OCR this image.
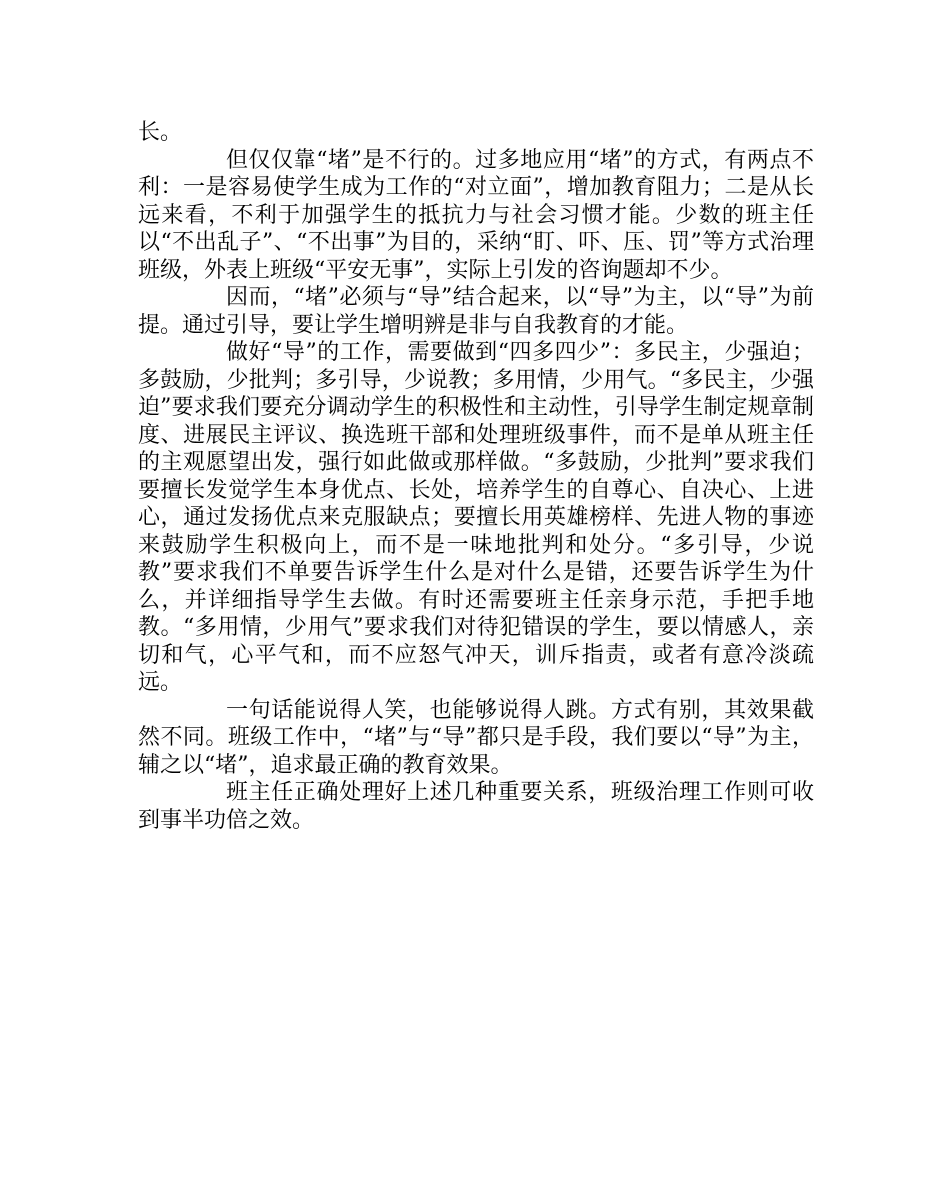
长。

但仅仅靠“堵”是不行的。过多地应用“堵”的方式，有两点不利：一是容易使学生成为工作的“对立面”，增加教育阻力；二是从长远来看，不利于加强学生的抵抗力与社会习惯才能。少数的班主任以“不出乱子”、“不出事”为目的，采纳“盯、吓、压、罚”等方式治理班级，外表上班级“平安无事”，实际上引发的咨询题却不少。

因而，“堵”必须与“导”结合起来，以“导”为主，以“导”为前提。通过引导，要让学生增明辨是非与自我教育的才能。

做好“导”的工作，需要做到“四多四少”：多民主，少强迫；多鼓励，少批判；多引导，少说教；多用情，少用气。“多民主，少强迫”要求我们要充分调动学生的积极性和主动性，引导学生制定规章制度、进展民主评议、换选班干部和处理班级事件，而不是单从班主任的主观愿望出发，强行如此做或那样做。“多鼓励，少批判”要求我们要擅长发觉学生本身优点、长处，培养学生的自尊心、自决心、上进心，通过发扬优点来克服缺点；要擅长用英雄榜样、先进人物的事迹来鼓励学生积极向上，而不是一味地批判和处分。“多引导，少说教”要求我们不单要告诉学生什么是对什么是错，还要告诉学生为什么，并详细指导学生去做。有时还需要班主任亲身示范，手把手地教。“多用情，少用气”要求我们对待犯错误的学生，要以情感人，亲切和气，心平气和，而不应怒气冲天，训斥指责，或者有意冷淡疏远。

一句话能说得人笑，也能够说得人跳。方式有别，其效果截然不同。班级工作中，“堵”与“导”都只是手段，我们要以“导”为主，辅之以“堵”，追求最正确的教育效果。

班主任正确处理好上述几种重要关系，班级治理工作则可收到事半功倍之效。
